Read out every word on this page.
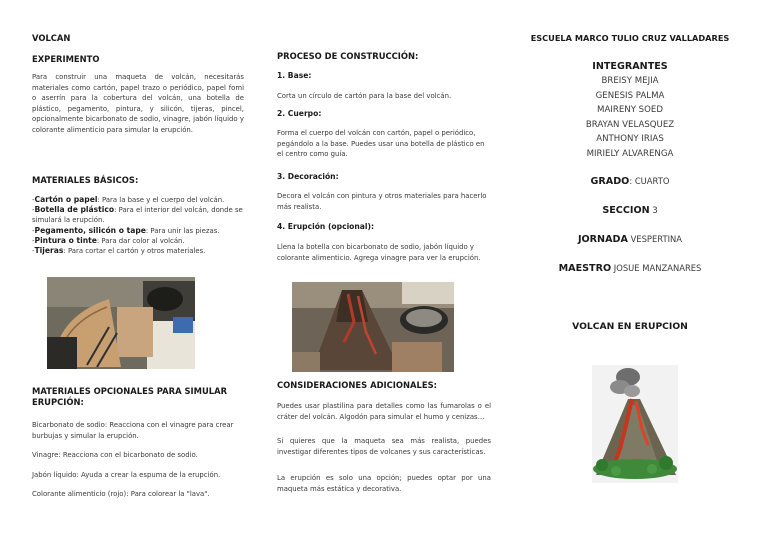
VOLCAN
EXPERIMENTO
Para construir una maqueta de volcán, necesitarás materiales como cartón, papel trazo o periódico, papel fomi o aserrín para la cobertura del volcán, una botella de plástico, pegamento, pintura, y silicón, tijeras, pincel, opcionalmente bicarbonato de sodio, vinagre, jabón líquido y colorante alimenticio para simular la erupción.
MATERIALES BÁSICOS:
-Cartón o papel: Para la base y el cuerpo del volcán.
-Botella de plástico: Para el interior del volcán, donde se simulará la erupción.
-Pegamento, silicón o tape: Para unir las piezas.
-Pintura o tinte: Para dar color al volcán.
-Tijeras: Para cortar el cartón y otros materiales.
MATERIALES OPCIONALES PARA SIMULAR ERUPCIÓN:
Bicarbonato de sodio: Reacciona con el vinagre para crear burbujas y simular la erupción.
Vinagre: Reacciona con el bicarbonato de sodio.
Jabón líquido: Ayuda a crear la espuma de la erupción.
Colorante alimenticio (rojo): Para colorear la "lava".
PROCESO DE CONSTRUCCIÓN:
1. Base:
Corta un círculo de cartón para la base del volcán.
2. Cuerpo:
Forma el cuerpo del volcán con cartón, papel o periódico, pegándolo a la base. Puedes usar una botella de plástico en el centro como guía.
3. Decoración:
Decora el volcán con pintura y otros materiales para hacerlo más realista.
4. Erupción (opcional):
Llena la botella con bicarbonato de sodio, jabón líquido y colorante alimenticio. Agrega vinagre para ver la erupción.
CONSIDERACIONES ADICIONALES:
Puedes usar plastilina para detalles como las fumarolas o el cráter del volcán. Algodón para simular el humo y cenizas…
Si quieres que la maqueta sea más realista, puedes investigar diferentes tipos de volcanes y sus características.
La erupción es solo una opción; puedes optar por una maqueta más estática y decorativa.
ESCUELA MARCO TULIO CRUZ VALLADARES
INTEGRANTES
BREISY MEJIA
GENESIS PALMA
MAIRENY SOED
BRAYAN VELASQUEZ
ANTHONY IRIAS
MIRIELY ALVARENGA
GRADO: CUARTO
SECCION 3
JORNADA VESPERTINA
MAESTRO JOSUE MANZANARES
VOLCAN EN ERUPCION
